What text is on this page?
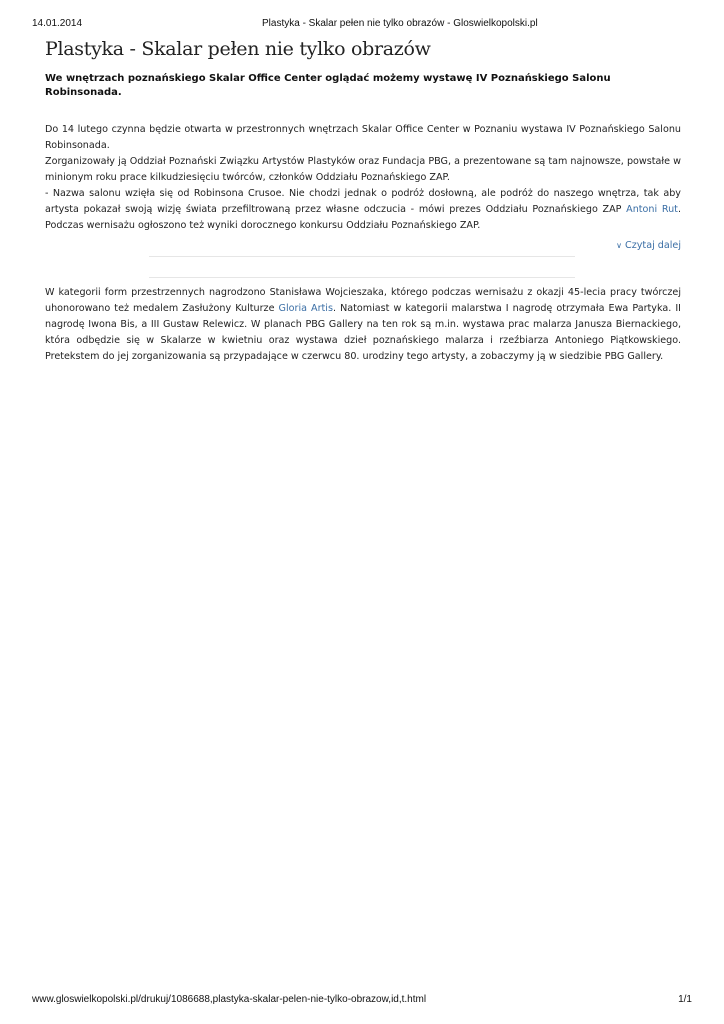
14.01.2014	Plastyka - Skalar pełen nie tylko obrazów - Gloswielkopolski.pl
Plastyka - Skalar pełen nie tylko obrazów
We wnętrzach poznańskiego Skalar Office Center oglądać możemy wystawę IV Poznańskiego Salonu Robinsonada.

Do 14 lutego czynna będzie otwarta w przestronnych wnętrzach Skalar Office Center w Poznaniu wystawa IV Poznańskiego Salonu Robinsonada.

Zorganizowały ją Oddział Poznański Związku Artystów Plastyków oraz Fundacja PBG, a prezentowane są tam najnowsze, powstałe w minionym roku prace kilkudziesięciu twórców, członków Oddziału Poznańskiego ZAP.

- Nazwa salonu wzięła się od Robinsona Crusoe. Nie chodzi jednak o podróż dosłowną, ale podróż do naszego wnętrza, tak aby artysta pokazał swoją wizję świata przefiltrowaną przez własne odczucia - mówi prezes Oddziału Poznańskiego ZAP Antoni Rut. Podczas wernisażu ogłoszono też wyniki dorocznego konkursu Oddziału Poznańskiego ZAP.

∨ Czytaj dalej

W kategorii form przestrzennych nagrodzono Stanisława Wojcieszaka, którego podczas wernisażu z okazji 45-lecia pracy twórczej uhonorowano też medalem Zasłużony Kulturze Gloria Artis. Natomiast w kategorii malarstwa I nagrodę otrzymała Ewa Partyka. II nagrodę Iwona Bis, a III Gustaw Relewicz. W planach PBG Gallery na ten rok są m.in. wystawa prac malarza Janusza Biernackiego, która odbędzie się w Skalarze w kwietniu oraz wystawa dzieł poznańskiego malarza i rzeźbiarza Antoniego Piątkowskiego. Pretekstem do jej zorganizowania są przypadające w czerwcu 80. urodziny tego artysty, a zobaczymy ją w siedzibie PBG Gallery.

www.gloswielkopolski.pl/drukuj/1086688,plastyka-skalar-pelen-nie-tylko-obrazow,id,t.html	1/1
